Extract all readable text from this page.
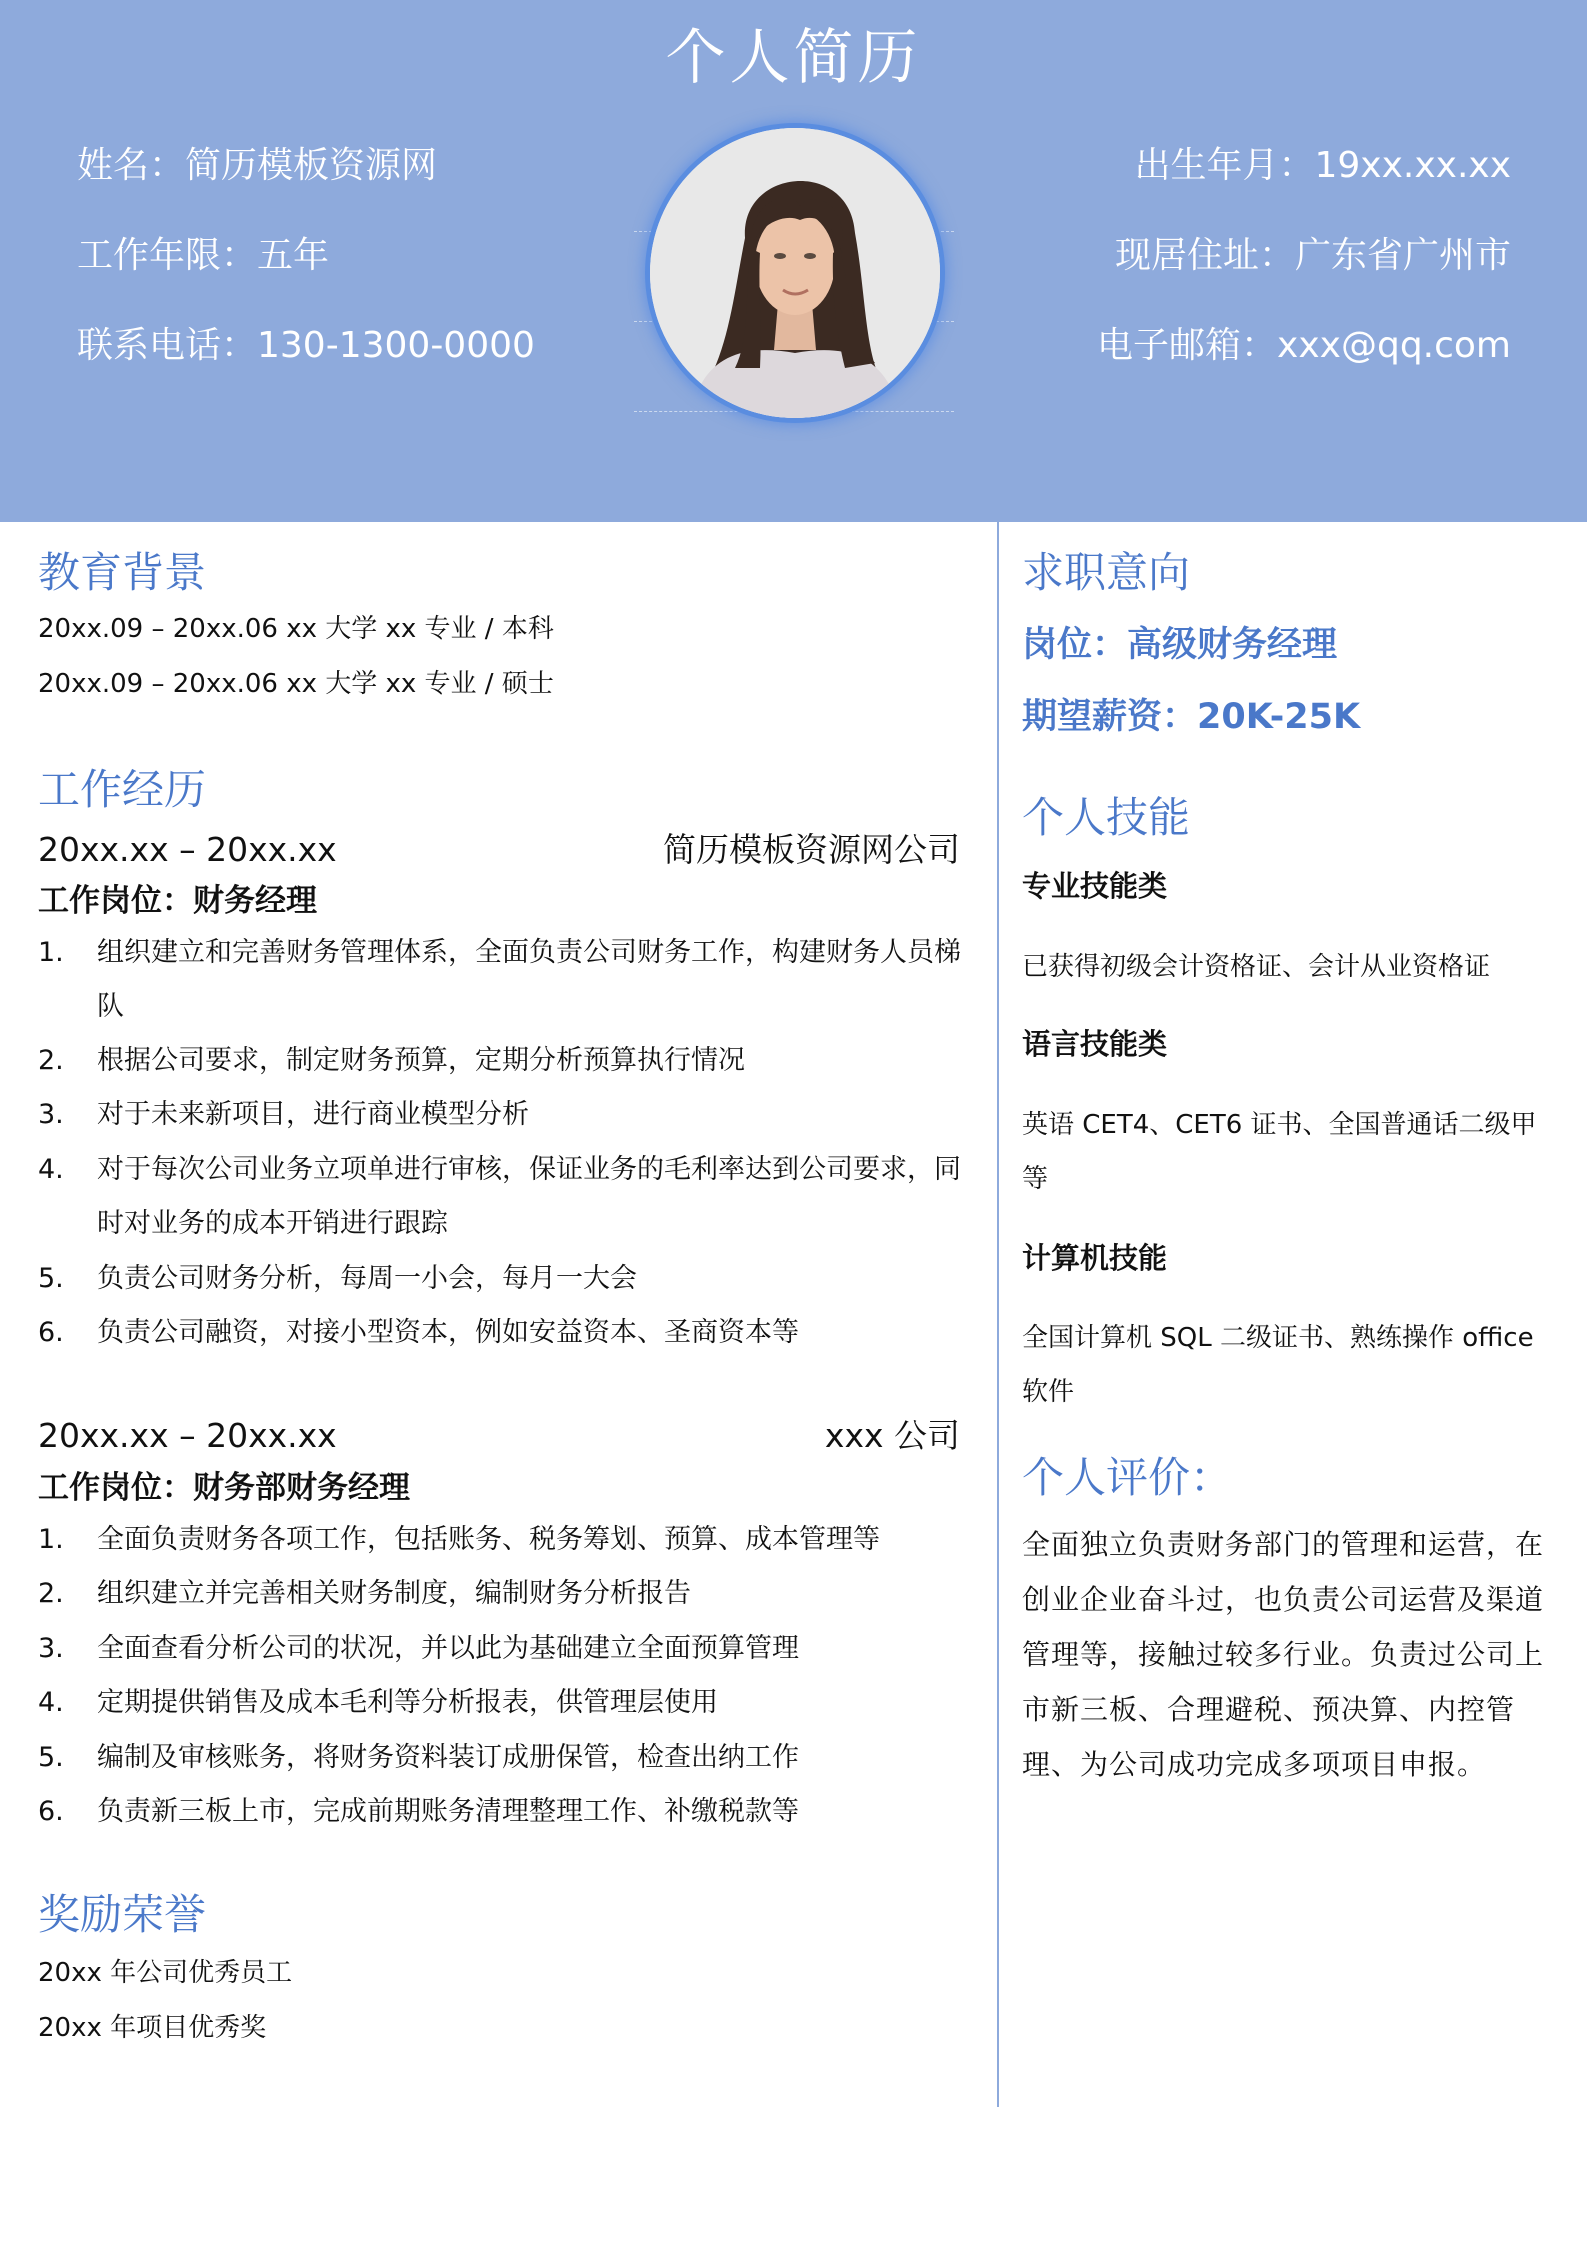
个人简历
姓名：简历模板资源网
工作年限：五年
联系电话：130-1300-0000
出生年月：19xx.xx.xx
现居住址：广东省广州市
电子邮箱：xxx@qq.com
教育背景
20xx.09 – 20xx.06 xx 大学 xx 专业 / 本科
20xx.09 – 20xx.06 xx 大学 xx 专业 / 硕士
工作经历
20xx.xx – 20xx.xx	简历模板资源网公司
工作岗位：财务经理
1.	组织建立和完善财务管理体系，全面负责公司财务工作，构建财务人员梯队
2.	根据公司要求，制定财务预算，定期分析预算执行情况
3.	对于未来新项目，进行商业模型分析
4.	对于每次公司业务立项单进行审核，保证业务的毛利率达到公司要求，同时对业务的成本开销进行跟踪
5.	负责公司财务分析，每周一小会，每月一大会
6.	负责公司融资，对接小型资本，例如安益资本、圣商资本等
20xx.xx – 20xx.xx	xxx 公司
工作岗位：财务部财务经理
1.	全面负责财务各项工作，包括账务、税务筹划、预算、成本管理等
2.	组织建立并完善相关财务制度，编制财务分析报告
3.	全面查看分析公司的状况，并以此为基础建立全面预算管理
4.	定期提供销售及成本毛利等分析报表，供管理层使用
5.	编制及审核账务，将财务资料装订成册保管，检查出纳工作
6.	负责新三板上市，完成前期账务清理整理工作、补缴税款等
奖励荣誉
20xx 年公司优秀员工
20xx 年项目优秀奖
求职意向
岗位：高级财务经理
期望薪资：20K-25K
个人技能
专业技能类
已获得初级会计资格证、会计从业资格证
语言技能类
英语 CET4、CET6 证书、全国普通话二级甲等
计算机技能
全国计算机 SQL 二级证书、熟练操作 office 软件
个人评价：
全面独立负责财务部门的管理和运营，在创业企业奋斗过，也负责公司运营及渠道管理等，接触过较多行业。负责过公司上市新三板、合理避税、预决算、内控管理、为公司成功完成多项项目申报。
